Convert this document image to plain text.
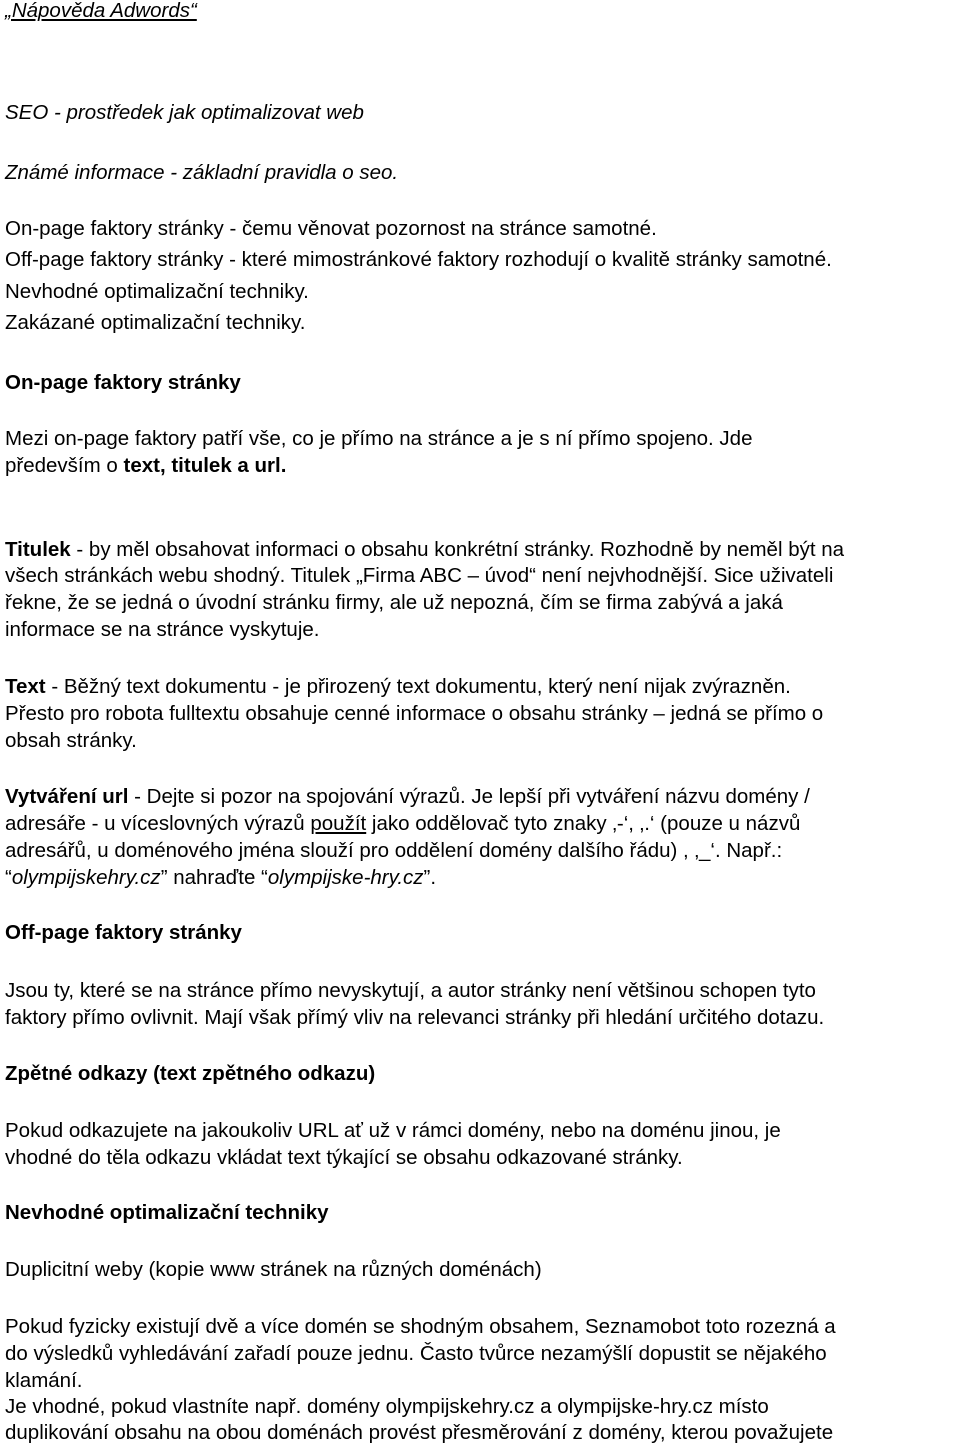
„Nápověda Adwords“
SEO - prostředek jak optimalizovat web
Známé informace - základní pravidla o seo.
On-page faktory stránky - čemu věnovat pozornost na stránce samotné.
Off-page faktory stránky - které mimostránkové faktory rozhodují o kvalitě stránky samotné.
Nevhodné optimalizační techniky.
Zakázané optimalizační techniky.
On-page faktory stránky
Mezi on-page faktory patří vše, co je přímo na stránce a je s ní přímo spojeno. Jde
především o text, titulek a url.
Titulek - by měl obsahovat informaci o obsahu konkrétní stránky. Rozhodně by neměl být na
všech stránkách webu shodný. Titulek „Firma ABC – úvod“ není nejvhodnější. Sice uživateli
řekne, že se jedná o úvodní stránku firmy, ale už nepozná, čím se firma zabývá a jaká
informace se na stránce vyskytuje.
Text - Běžný text dokumentu - je přirozený text dokumentu, který není nijak zvýrazněn.
Přesto pro robota fulltextu obsahuje cenné informace o obsahu stránky – jedná se přímo o
obsah stránky.
Vytváření url - Dejte si pozor na spojování výrazů. Je lepší při vytváření názvu domény /
adresáře - u víceslovných výrazů použít jako oddělovač tyto znaky ‚-‘, ‚.‘ (pouze u názvů
adresářů, u doménového jména slouží pro oddělení domény dalšího řádu) , ‚_‘. Např.:
“olympijskehry.cz” nahraďte “olympijske-hry.cz”.
Off-page faktory stránky
Jsou ty, které se na stránce přímo nevyskytují, a autor stránky není většinou schopen tyto
faktory přímo ovlivnit. Mají však přímý vliv na relevanci stránky při hledání určitého dotazu.
Zpětné odkazy (text zpětného odkazu)
Pokud odkazujete na jakoukoliv URL ať už v rámci domény, nebo na doménu jinou, je
vhodné do těla odkazu vkládat text týkající se obsahu odkazované stránky.
Nevhodné optimalizační techniky
Duplicitní weby (kopie www stránek na různých doménách)
Pokud fyzicky existují dvě a více domén se shodným obsahem, Seznamobot toto rozezná a
do výsledků vyhledávání zařadí pouze jednu. Často tvůrce nezamýšlí dopustit se nějakého
klamání.
Je vhodné, pokud vlastníte např. domény olympijskehry.cz a olympijske-hry.cz místo
duplikování obsahu na obou doménách provést přesměrování z domény, kterou považujete
